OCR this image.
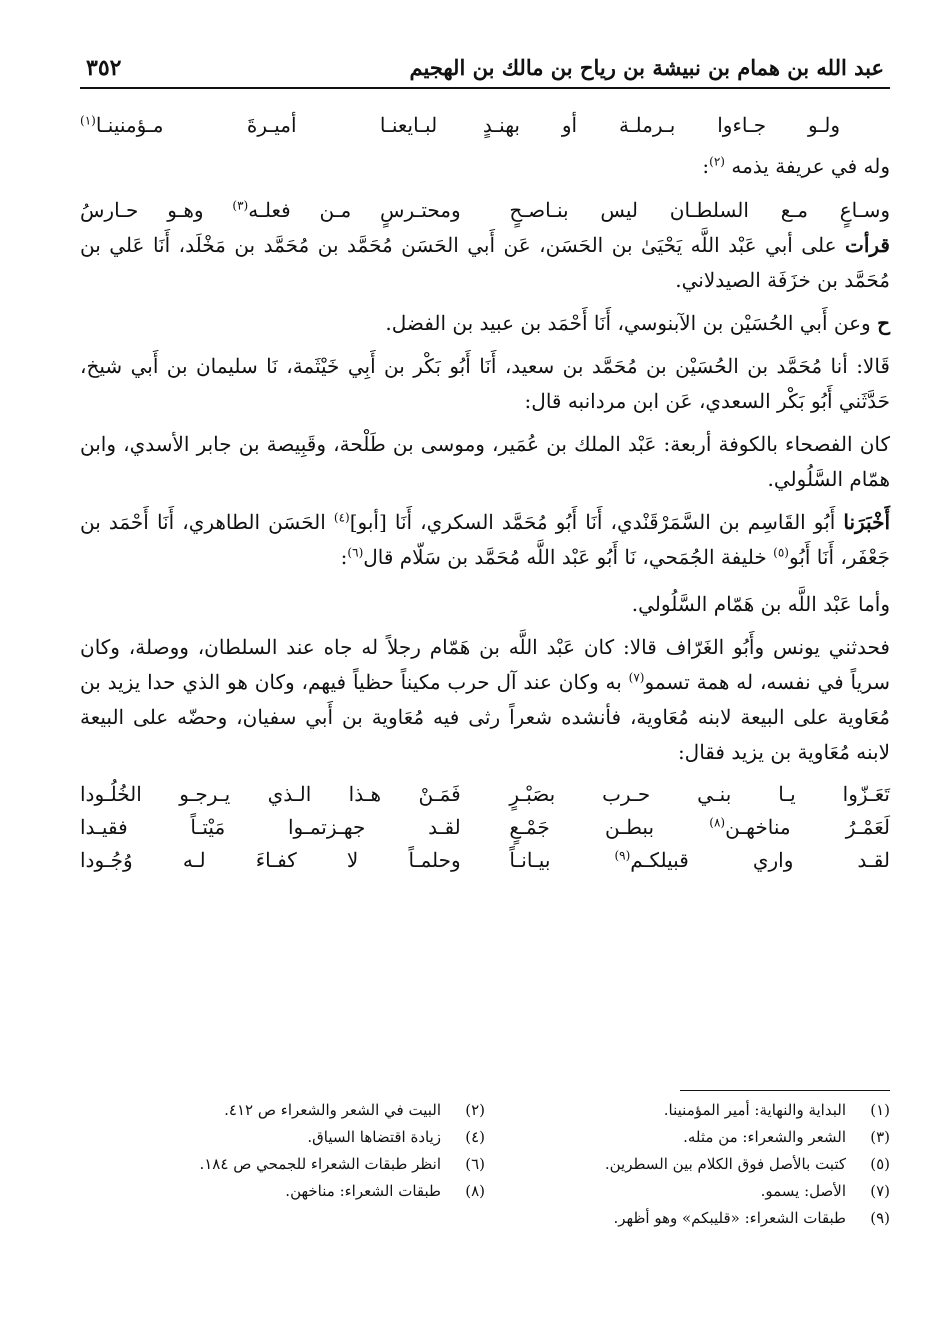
عبد الله بن همام بن نبيشة بن رياح بن مالك بن الهجيم
٣٥٢
ولـو جـاءوا بـرملـة أو بهنـدٍ
لبـايعنـا أميـرةَ مـؤمنينـا$^{(١)}$

وله في عريفة يذمه $^{(٢)}$:

وسـاعٍ مـع السلطـان ليس بنـاصـحٍ
ومحتـرسٍ مـن فعلـه$^{(٣)}$ وهـو حـارسُ

قرأت على أبي عَبْد اللَّه يَحْيَىٰ بن الحَسَن، عَن أَبي الحَسَن مُحَمَّد بن مُحَمَّد بن مَخْلَد، أَنَا عَلي بن مُحَمَّد بن خزَفَة الصيدلاني.

ح وعن أَبي الحُسَيْن بن الآبنوسي، أَنَا أَحْمَد بن عبيد بن الفضل.

قَالا: أنا مُحَمَّد بن الحُسَيْن بن مُحَمَّد بن سعيد، أَنَا أَبُو بَكْر بن أَبِي خَيْثَمة، نَا سليمان بن أَبي شيخ، حَدَّثَني أَبُو بَكْر السعدي، عَن ابن مردانبه قال:

كان الفصحاء بالكوفة أربعة: عَبْد الملك بن عُمَير، وموسى بن طَلْحة، وقَبِيصة بن جابر الأسدي، وابن همّام السَّلُولي.

أَخْبَرَنا أَبُو القَاسِم بن السَّمَرْقَنْدي، أَنَا أَبُو مُحَمَّد السكري، أَنَا [أبو]$^{(٤)}$ الحَسَن الطاهري، أَنَا أَحْمَد بن جَعْفَر، أَنَا أَبُو$^{(٥)}$ خليفة الجُمَحي، نَا أَبُو عَبْد اللَّه مُحَمَّد بن سَلّام قال$^{(٦)}$:

وأما عَبْد اللَّه بن هَمّام السَّلُولي.

فحدثني يونس وأَبُو الغَرّاف قالا: كان عَبْد اللَّه بن هَمّام رجلاً له جاه عند السلطان، ووصلة، وكان سرياً في نفسه، له همة تسمو$^{(٧)}$ به وكان عند آل حرب مكيناً حظياً فيهم، وكان هو الذي حدا يزيد بن مُعَاوية على البيعة لابنه مُعَاوية، فأنشده شعراً رثى فيه مُعَاوية بن أَبي سفيان، وحضّه على البيعة لابنه مُعَاوية بن يزيد فقال:

تَعَـزّوا يـا بنـي حـرب بصَبْـرٍ
فَمَـنْ هـذا الـذي يـرجـو الخُلُـودا
لَعَمْـرُ مناخهـن$^{(٨)}$ ببطـن جَمْـعٍ
لقـد جهـزتمـوا مَيْتـاً فقيـدا
لقـد واري قبيلكـم$^{(٩)}$ بيـانـاً
وحلمـاً لا كفـاءَ لـه وُجُـودا
(١)
البداية والنهاية: أمير المؤمنينا.
(٣)
الشعر والشعراء: من مثله.
(٥)
كتبت بالأصل فوق الكلام بين السطرين.
(٧)
الأصل: يسمو.
(٩)
طبقات الشعراء: «قليبكم» وهو أظهر.
(٢)
البيت في الشعر والشعراء ص ٤١٢.
(٤)
زيادة اقتضاها السياق.
(٦)
انظر طبقات الشعراء للجمحي ص ١٨٤.
(٨)
طبقات الشعراء: مناخهن.
